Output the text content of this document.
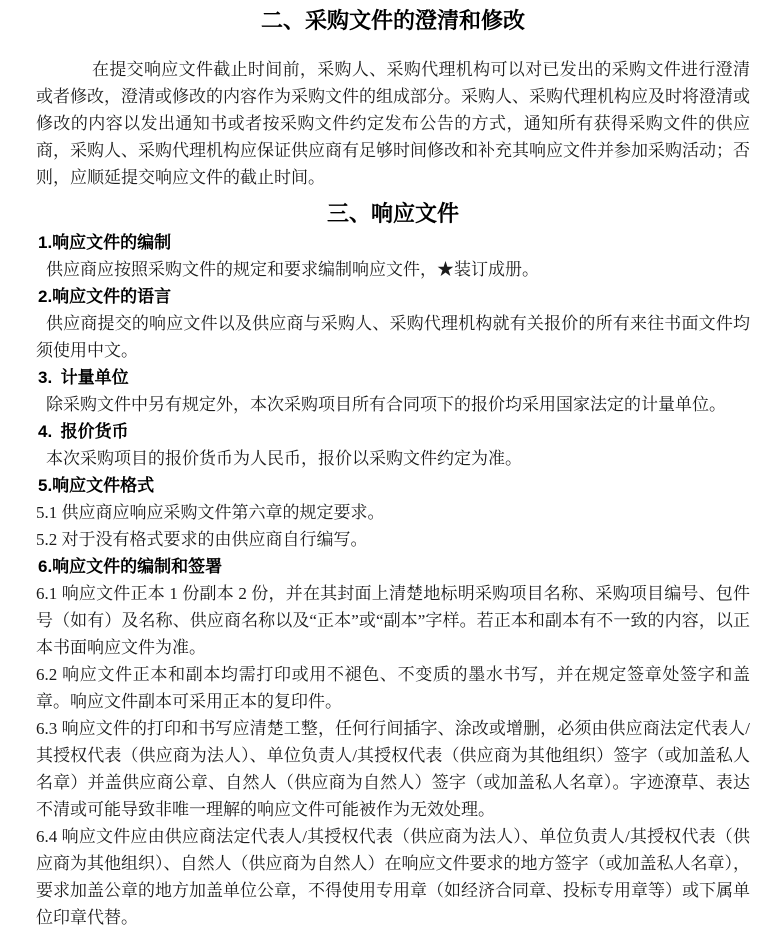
二、采购文件的澄清和修改

在提交响应文件截止时间前，采购人、采购代理机构可以对已发出的采购文件进行澄清或者修改，澄清或修改的内容作为采购文件的组成部分。采购人、采购代理机构应及时将澄清或修改的内容以发出通知书或者按采购文件约定发布公告的方式，通知所有获得采购文件的供应商，采购人、采购代理机构应保证供应商有足够时间修改和补充其响应文件并参加采购活动；否则，应顺延提交响应文件的截止时间。

三、响应文件
1.响应文件的编制

供应商应按照采购文件的规定和要求编制响应文件，★装订成册。

2.响应文件的语言

供应商提交的响应文件以及供应商与采购人、采购代理机构就有关报价的所有来往书面文件均须使用中文。

3. 计量单位

除采购文件中另有规定外，本次采购项目所有合同项下的报价均采用国家法定的计量单位。

4. 报价货币

本次采购项目的报价货币为人民币，报价以采购文件约定为准。

5.响应文件格式

5.1 供应商应响应采购文件第六章的规定要求。

5.2 对于没有格式要求的由供应商自行编写。

6.响应文件的编制和签署

6.1 响应文件正本 1 份副本 2 份，并在其封面上清楚地标明采购项目名称、采购项目编号、包件号（如有）及名称、供应商名称以及“正本”或“副本”字样。若正本和副本有不一致的内容，以正本书面响应文件为准。

6.2 响应文件正本和副本均需打印或用不褪色、不变质的墨水书写，并在规定签章处签字和盖章。响应文件副本可采用正本的复印件。

6.3 响应文件的打印和书写应清楚工整，任何行间插字、涂改或增删，必须由供应商法定代表人/其授权代表（供应商为法人）、单位负责人/其授权代表（供应商为其他组织）签字（或加盖私人名章）并盖供应商公章、自然人（供应商为自然人）签字（或加盖私人名章）。字迹潦草、表达不清或可能导致非唯一理解的响应文件可能被作为无效处理。

6.4 响应文件应由供应商法定代表人/其授权代表（供应商为法人）、单位负责人/其授权代表（供应商为其他组织）、自然人（供应商为自然人）在响应文件要求的地方签字（或加盖私人名章），要求加盖公章的地方加盖单位公章，不得使用专用章（如经济合同章、投标专用章等）或下属单位印章代替。
